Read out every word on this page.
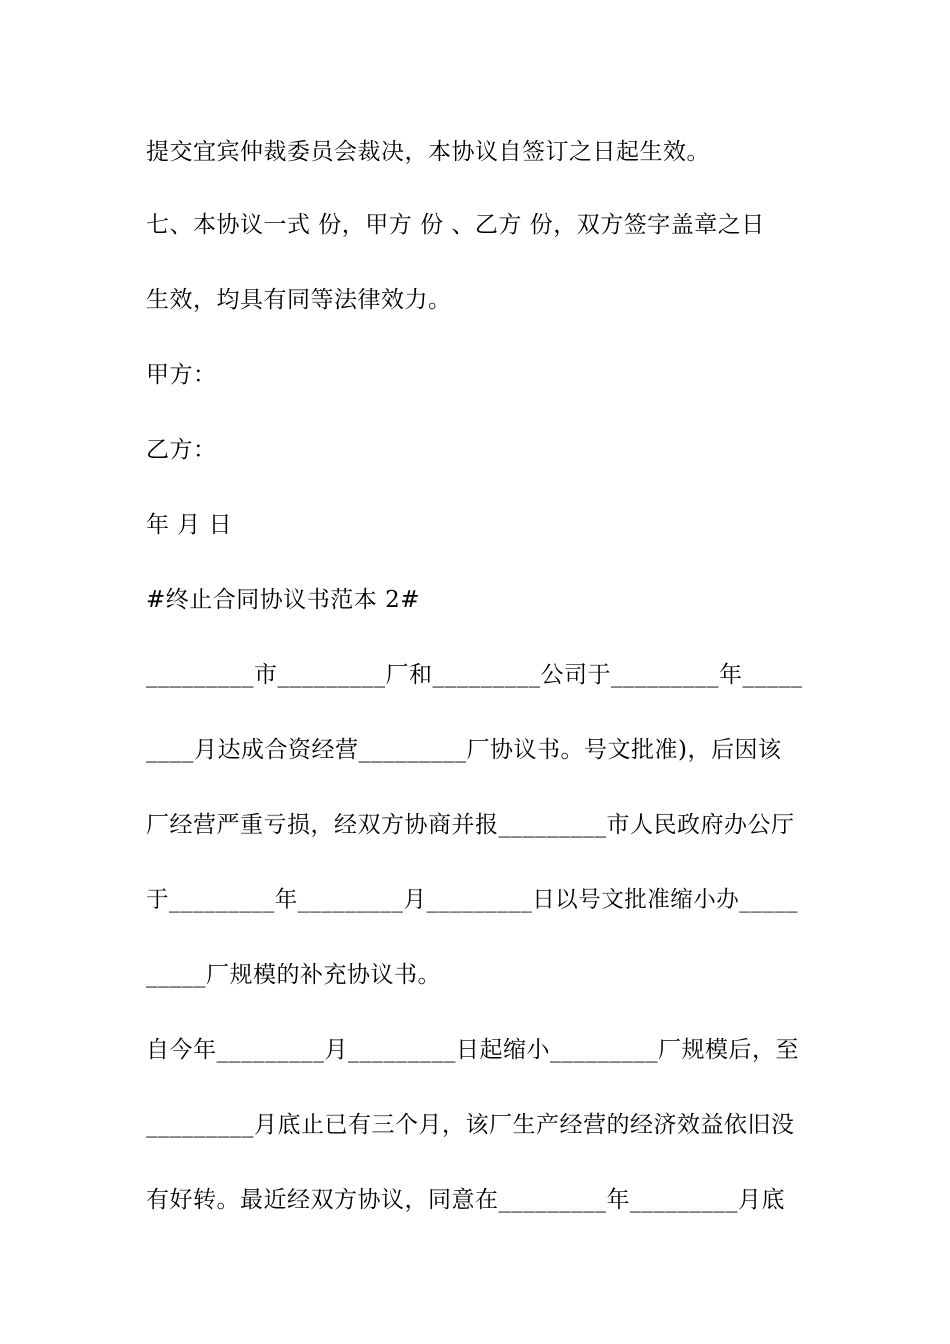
提交宜宾仲裁委员会裁决，本协议自签订之日起生效。
七、本协议一式 份，甲方 份 、乙方 份，双方签字盖章之日
生效，均具有同等法律效力。
甲方：
乙方：
年 月 日
#终止合同协议书范本 2#
_________市_________厂和_________公司于_________年_____
____月达成合资经营_________厂协议书。号文批准)，后因该
厂经营严重亏损，经双方协商并报_________市人民政府办公厅
于_________年_________月_________日以号文批准缩小办_____
_____厂规模的补充协议书。
自今年_________月_________日起缩小_________厂规模后，至
_________月底止已有三个月，该厂生产经营的经济效益依旧没
有好转。最近经双方协议，同意在_________年_________月底
